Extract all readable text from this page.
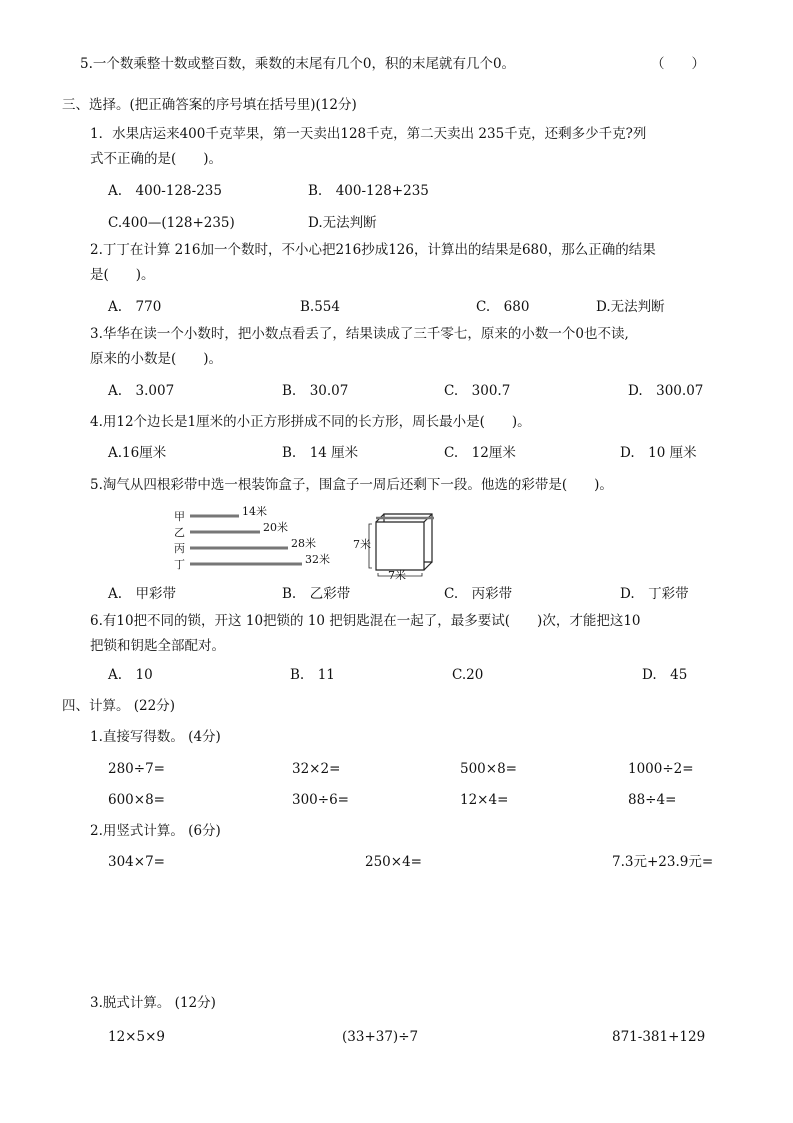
5.一个数乘整十数或整百数，乘数的末尾有几个0，积的末尾就有几个0。	（　　）
三、选择。(把正确答案的序号填在括号里)(12分)
1．水果店运来400千克苹果，第一天卖出128千克，第二天卖出 235千克，还剩多少千克?列
式不正确的是(　　)。
A.　400-128-235	B.　400-128+235
C.400—(128+235)	D.无法判断
2.丁丁在计算 216加一个数时，不小心把216抄成126，计算出的结果是680，那么正确的结果
是(　　)。
A.　770	B.554	C.　680	D.无法判断
3.华华在读一个小数时，把小数点看丢了，结果读成了三千零七，原来的小数一个0也不读,
原来的小数是(　　)。
A.　3.007	B.　30.07	C.　300.7	D.　300.07
4.用12个边长是1厘米的小正方形拼成不同的长方形，周长最小是(　　)。
A.16厘米	B.　14 厘米	C.　12厘米	D.　10 厘米
5.淘气从四根彩带中选一根装饰盒子，围盒子一周后还剩下一段。他选的彩带是(　　)。
甲	14米
乙	20米
丙	28米
丁	32米
7米
7米
A.　甲彩带	B.　乙彩带	C.　丙彩带	D.　丁彩带
6.有10把不同的锁，开这 10把锁的 10 把钥匙混在一起了，最多要试(　　)次，才能把这10
把锁和钥匙全部配对。
A.　10	B.　11	C.20	D.　45
四、计算。 (22分)
1.直接写得数。 (4分)
280÷7=	32×2=	500×8=	1000÷2=
600×8=	300÷6=	12×4=	88÷4=
2.用竖式计算。 (6分)
304×7=	250×4=	7.3元+23.9元=
3.脱式计算。 (12分)
12×5×9	(33+37)÷7	871-381+129
